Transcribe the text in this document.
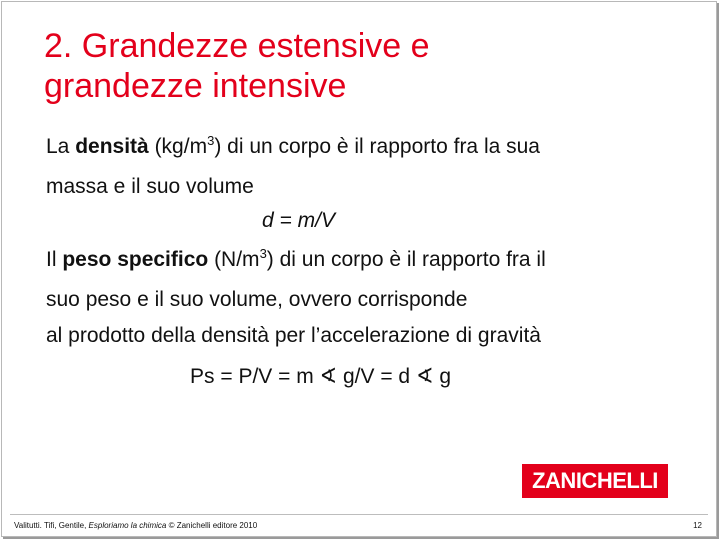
2. Grandezze estensive e
grandezze intensive
La densità $(kg/m^3)$ di un corpo è il rapporto fra la sua
massa e il suo volume
d = m/V
Il peso specifico $(N/m^3)$ di un corpo è il rapporto fra il
suo peso e il suo volume, ovvero corrisponde
al prodotto della densità per l’accelerazione di gravità
Ps = P/V = m ∢ g/V = d ∢ g
ZANICHELLI
Valitutti. Tifi, Gentile, Esploriamo la chimica © Zanichelli editore 2010	12
